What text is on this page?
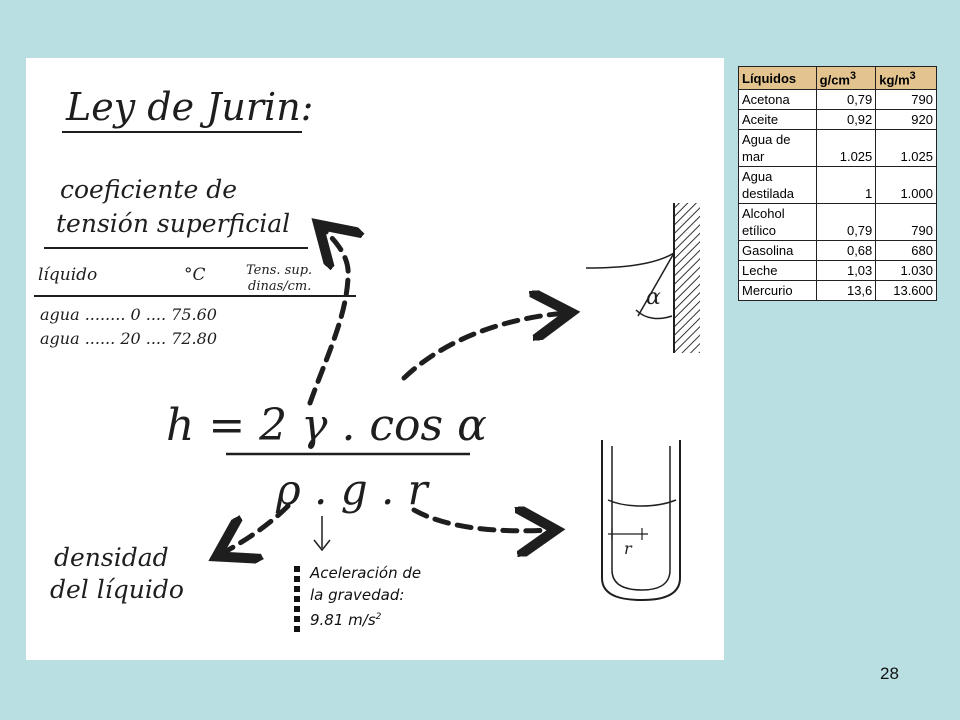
Ley de Jurin:
coeficiente de
tensión superficial
líquido	°C	Tens. sup.
dinas/cm.
agua ........ 0 .... 75.60
agua ...... 20 .... 72.80
h = 2 γ . cos α
ρ . g . r
densidad
del líquido
α
r
Aceleración de
la gravedad:
9.81 $m/s^2$
Líquidos	$g/cm^3$	$kg/m^3$

Acetona	0,79	790

Aceite	0,92	920

Agua de
mar	1.025	1.025

Agua
destilada	1	1.000

Alcohol
etílico	0,79	790

Gasolina	0,68	680

Leche	1,03	1.030

Mercurio	13,6	13.600
28
